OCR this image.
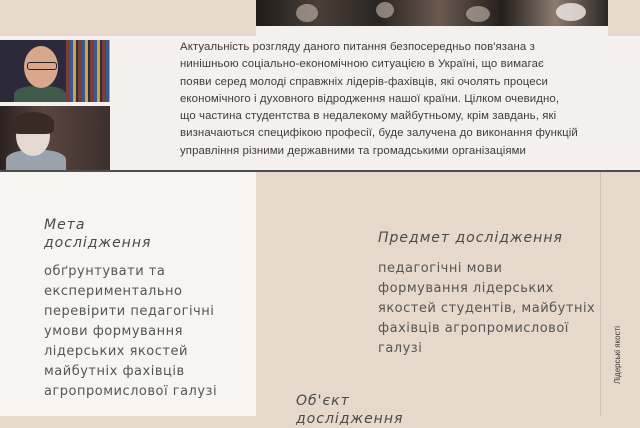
Актуальність розгляду даного питання безпосередньо пов'язана з
нинішньою соціально-економічною ситуацією в Україні, що вимагає
появи серед молоді справжніх лідерів-фахівців, які очолять процеси
економічного і духовного відродження нашої країни. Цілком очевидно,
що частина студентства в недалекому майбутньому, крім завдань, які
визначаються специфікою професії, буде залучена до виконання функцій
управління різними державними та громадськими організаціями
Лідерські якості
Мета
дослідження
обґрунтувати та
експериментально
перевірити педагогічні
умови формування
лідерських якостей
майбутніх фахівців
агропромислової галузі
Предмет дослідження
педагогічні мови
формування лідерських
якостей студентів, майбутніх
фахівців агропромислової
галузі
Об'єкт
дослідження
